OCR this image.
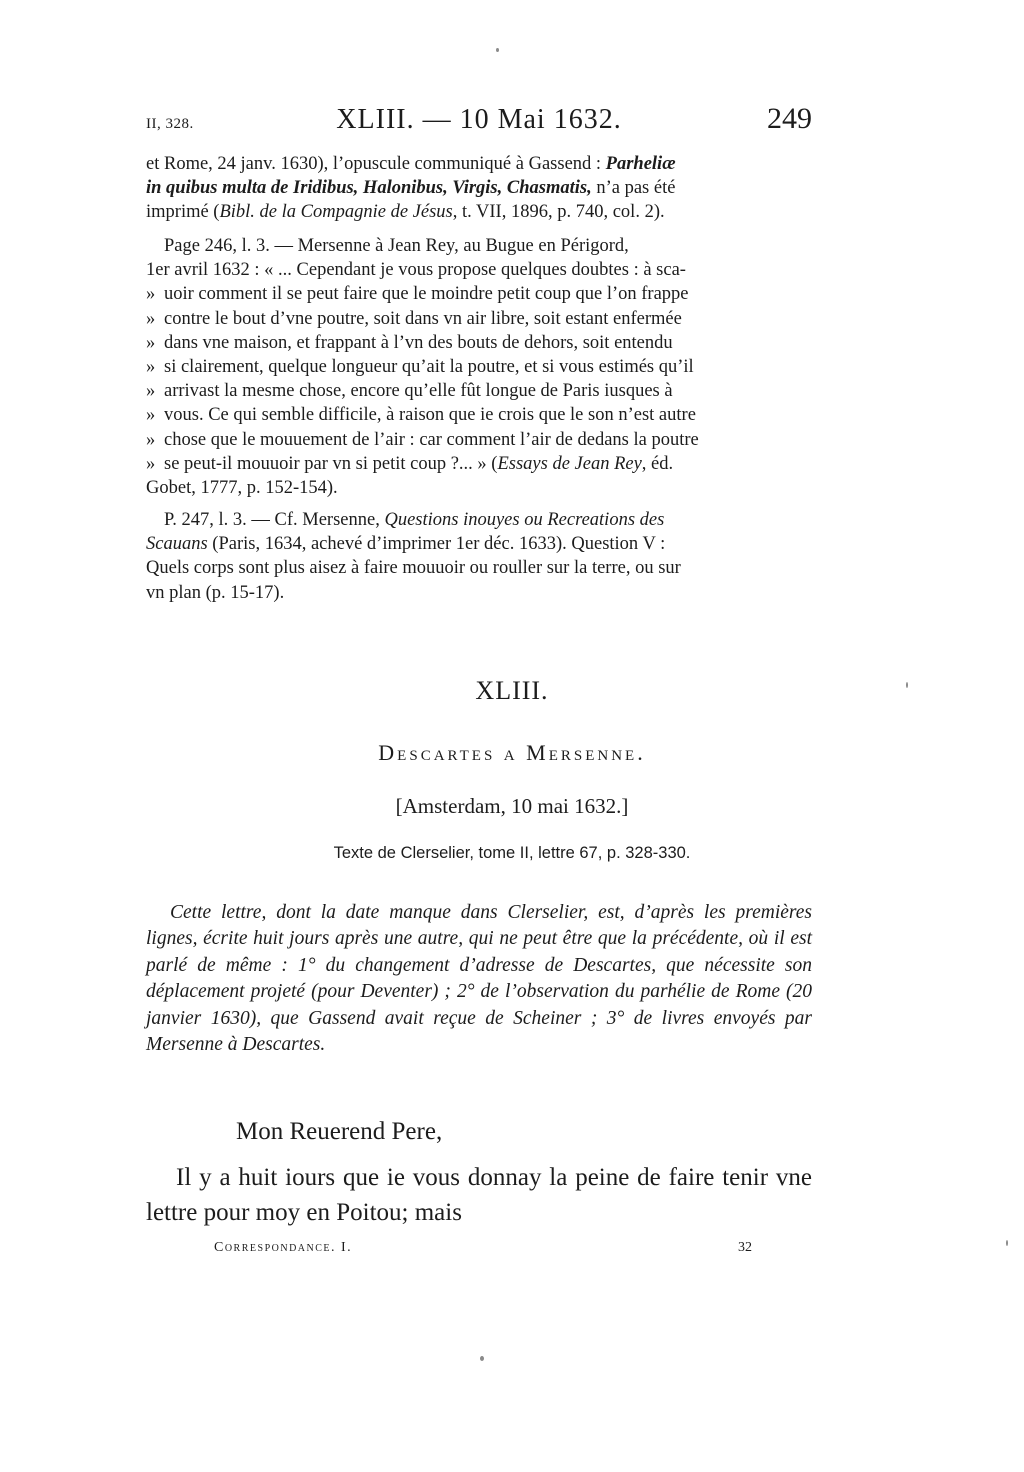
II, 328.	XLIII. — 10 Mai 1632.	249
et Rome, 24 janv. 1630), l’opuscule communiqué à Gassend : Parheliæ
in quibus multa de Iridibus, Halonibus, Virgis, Chasmatis, n’a pas été
imprimé (Bibl. de la Compagnie de Jésus, t. VII, 1896, p. 740, col. 2).
Page 246, l. 3. — Mersenne à Jean Rey, au Bugue en Périgord,
1er avril 1632 : « ... Cependant je vous propose quelques doubtes : à sca-
» uoir comment il se peut faire que le moindre petit coup que l’on frappe
» contre le bout d’vne poutre, soit dans vn air libre, soit estant enfermée
» dans vne maison, et frappant à l’vn des bouts de dehors, soit entendu
» si clairement, quelque longueur qu’ait la poutre, et si vous estimés qu’il
» arrivast la mesme chose, encore qu’elle fût longue de Paris iusques à
» vous. Ce qui semble difficile, à raison que ie crois que le son n’est autre
» chose que le mouuement de l’air : car comment l’air de dedans la poutre
» se peut-il mouuoir par vn si petit coup ?... » (Essays de Jean Rey, éd.
Gobet, 1777, p. 152-154).
P. 247, l. 3. — Cf. Mersenne, Questions inouyes ou Recreations des
Scauans (Paris, 1634, achevé d’imprimer 1er déc. 1633). Question V :
Quels corps sont plus aisez à faire mouuoir ou rouller sur la terre, ou sur
vn plan (p. 15-17).
XLIII.
Descartes a Mersenne.
[Amsterdam, 10 mai 1632.]
Texte de Clerselier, tome II, lettre 67, p. 328-330.

Cette lettre, dont la date manque dans Clerselier, est, d’après les premières lignes, écrite huit jours après une autre, qui ne peut être que la précédente, où il est parlé de même : 1° du changement d’adresse de Descartes, que nécessite son déplacement projeté (pour Deventer) ; 2° de l’observation du parhélie de Rome (20 janvier 1630), que Gassend avait reçue de Scheiner ; 3° de livres envoyés par Mersenne à Descartes.

Mon Reuerend Pere,

Il y a huit iours que ie vous donnay la peine de faire tenir vne lettre pour moy en Poitou; mais

Correspondance. I.	32
